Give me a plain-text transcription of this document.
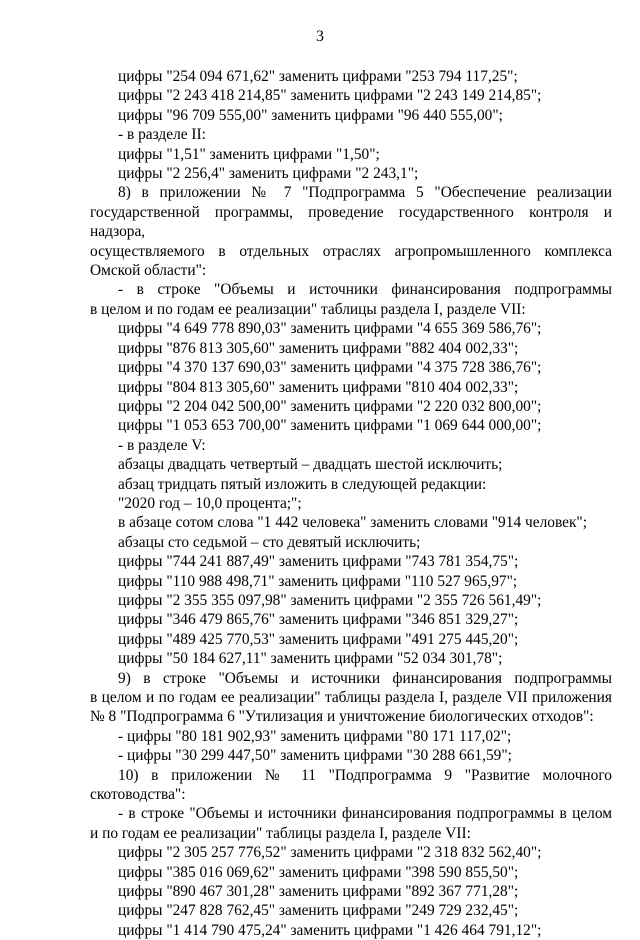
3
цифры "254 094 671,62" заменить цифрами "253 794 117,25";
цифры "2 243 418 214,85" заменить цифрами "2 243 149 214,85";
цифры "96 709 555,00" заменить цифрами "96 440 555,00";
- в разделе II:
цифры "1,51" заменить цифрами "1,50";
цифры "2 256,4" заменить цифрами "2 243,1";
8) в приложении № 7 "Подпрограмма 5 "Обеспечение реализации
государственной программы, проведение государственного контроля и надзора,
осуществляемого в отдельных отраслях агропромышленного комплекса
Омской области":
- в строке "Объемы и источники финансирования подпрограммы
в целом и по годам ее реализации" таблицы раздела I, разделе VII:
цифры "4 649 778 890,03" заменить цифрами "4 655 369 586,76";
цифры "876 813 305,60" заменить цифрами "882 404 002,33";
цифры "4 370 137 690,03" заменить цифрами "4 375 728 386,76";
цифры "804 813 305,60" заменить цифрами "810 404 002,33";
цифры "2 204 042 500,00" заменить цифрами "2 220 032 800,00";
цифры "1 053 653 700,00" заменить цифрами "1 069 644 000,00";
- в разделе V:
абзацы двадцать четвертый – двадцать шестой исключить;
абзац тридцать пятый изложить в следующей редакции:
"2020 год – 10,0 процента;";
в абзаце сотом слова "1 442 человека" заменить словами "914 человек";
абзацы сто седьмой – сто девятый исключить;
цифры "744 241 887,49" заменить цифрами "743 781 354,75";
цифры "110 988 498,71" заменить цифрами "110 527 965,97";
цифры "2 355 355 097,98" заменить цифрами "2 355 726 561,49";
цифры "346 479 865,76" заменить цифрами "346 851 329,27";
цифры "489 425 770,53" заменить цифрами "491 275 445,20";
цифры "50 184 627,11" заменить цифрами "52 034 301,78";
9) в строке "Объемы и источники финансирования подпрограммы
в целом и по годам ее реализации" таблицы раздела I, разделе VII приложения
№ 8 "Подпрограмма 6 "Утилизация и уничтожение биологических отходов":
- цифры "80 181 902,93" заменить цифрами "80 171 117,02";
- цифры "30 299 447,50" заменить цифрами "30 288 661,59";
10) в приложении № 11 "Подпрограмма 9 "Развитие молочного
скотоводства":
- в строке "Объемы и источники финансирования подпрограммы в целом
и по годам ее реализации" таблицы раздела I, разделе VII:
цифры "2 305 257 776,52" заменить цифрами "2 318 832 562,40";
цифры "385 016 069,62" заменить цифрами "398 590 855,50";
цифры "890 467 301,28" заменить цифрами "892 367 771,28";
цифры "247 828 762,45" заменить цифрами "249 729 232,45";
цифры "1 414 790 475,24" заменить цифрами "1 426 464 791,12";
